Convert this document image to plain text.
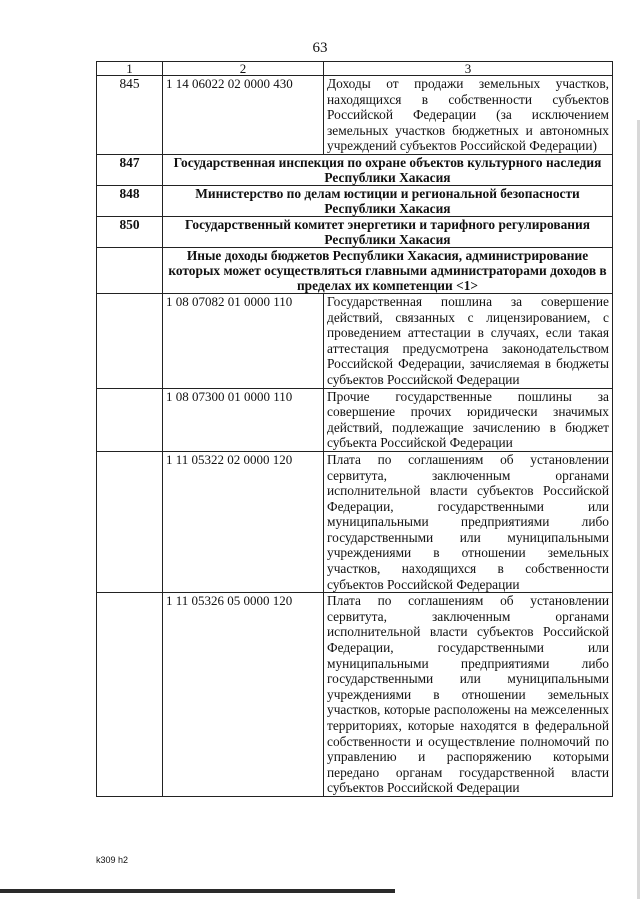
63
1	2	3
845	1 14 06022 02 0000 430	Доходы от продажи земельных участков, находящихся в собственности субъектов Российской Федерации (за исключением земельных участков бюджетных и автономных учреждений субъектов Российской Федерации)
847	Государственная инспекция по охране объектов культурного наследия Республики Хакасия	
848	Министерство по делам юстиции и региональной безопасности Республики Хакасия	
850	Государственный комитет энергетики и тарифного регулирования Республики Хакасия	
	Иные доходы бюджетов Республики Хакасия, администрирование которых может осуществляться главными администраторами доходов в пределах их компетенции <1>	
	1 08 07082 01 0000 110	Государственная пошлина за совершение действий, связанных с лицензированием, с проведением аттестации в случаях, если такая аттестация предусмотрена законодательством Российской Федерации, зачисляемая в бюджеты субъектов Российской Федерации
	1 08 07300 01 0000 110	Прочие государственные пошлины за совершение прочих юридически значимых действий, подлежащие зачислению в бюджет субъекта Российской Федерации
	1 11 05322 02 0000 120	Плата по соглашениям об установлении сервитута, заключенным органами исполнительной власти субъектов Российской Федерации, государственными или муниципальными предприятиями либо государственными или муниципальными учреждениями в отношении земельных участков, находящихся в собственности субъектов Российской Федерации
	1 11 05326 05 0000 120	Плата по соглашениям об установлении сервитута, заключенным органами исполнительной власти субъектов Российской Федерации, государственными или муниципальными предприятиями либо государственными или муниципальными учреждениями в отношении земельных участков, которые расположены на межселенных территориях, которые находятся в федеральной собственности и осуществление полномочий по управлению и распоряжению которыми передано органам государственной власти субъектов Российской Федерации
k309 h2
